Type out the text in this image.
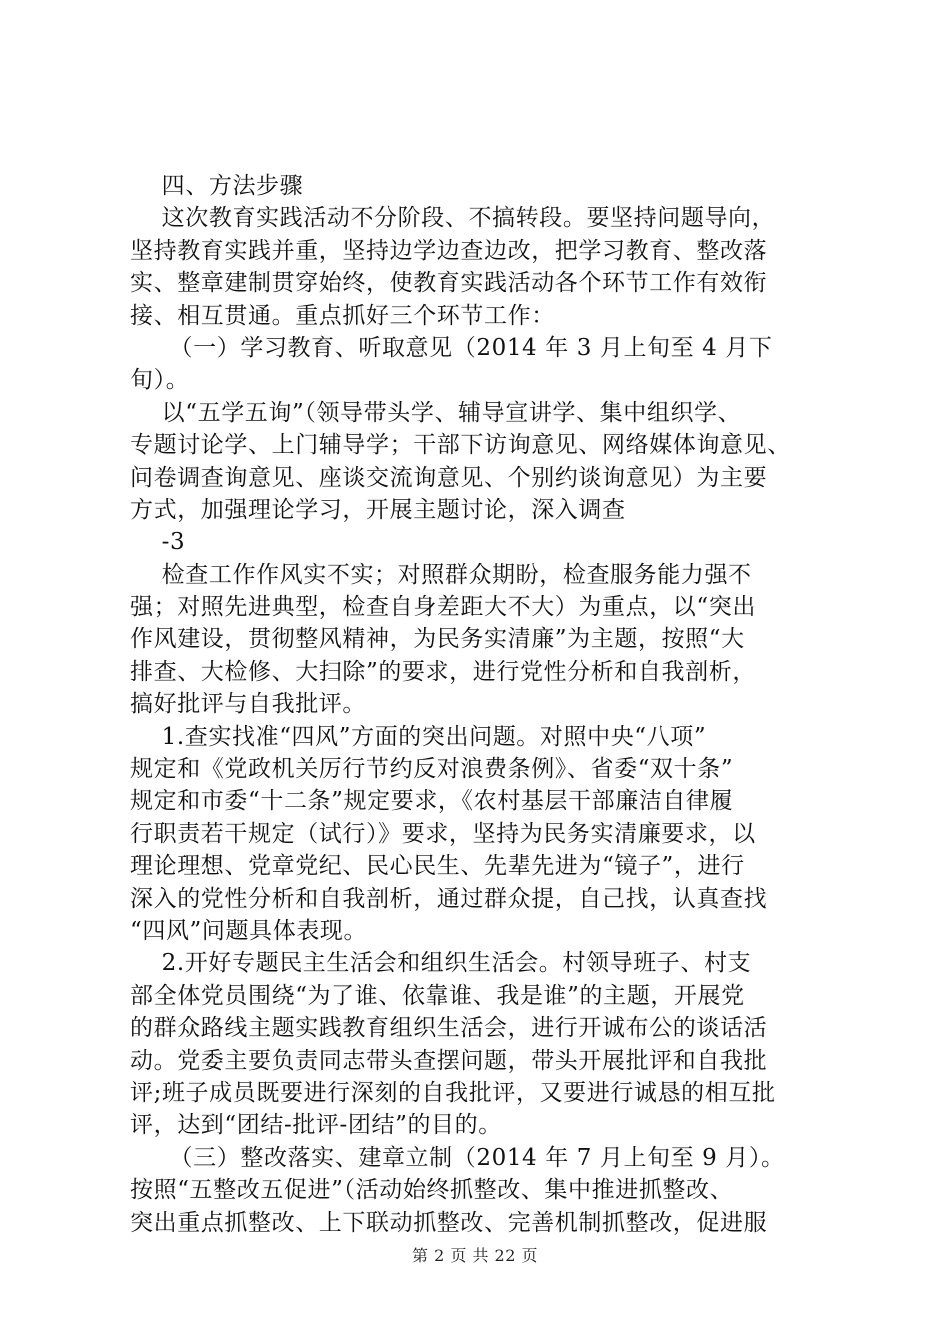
四、方法步骤
这次教育实践活动不分阶段、不搞转段。要坚持问题导向，
坚持教育实践并重，坚持边学边查边改，把学习教育、整改落
实、整章建制贯穿始终，使教育实践活动各个环节工作有效衔
接、相互贯通。重点抓好三个环节工作：
（一）学习教育、听取意见（2014 年 3 月上旬至 4 月下
旬）。
以“五学五询”（领导带头学、辅导宣讲学、集中组织学、
专题讨论学、上门辅导学；干部下访询意见、网络媒体询意见、
问卷调查询意见、座谈交流询意见、个别约谈询意见）为主要
方式，加强理论学习，开展主题讨论，深入调查
-3
检查工作作风实不实；对照群众期盼，检查服务能力强不
强；对照先进典型，检查自身差距大不大）为重点，以“突出
作风建设，贯彻整风精神，为民务实清廉”为主题，按照“大
排查、大检修、大扫除”的要求，进行党性分析和自我剖析，
搞好批评与自我批评。
1.查实找准“四风”方面的突出问题。对照中央“八项”
规定和《党政机关厉行节约反对浪费条例》、省委“双十条”
规定和市委“十二条”规定要求，《农村基层干部廉洁自律履
行职责若干规定（试行）》要求，坚持为民务实清廉要求，以
理论理想、党章党纪、民心民生、先辈先进为“镜子”，进行
深入的党性分析和自我剖析，通过群众提，自己找，认真查找
“四风”问题具体表现。
2.开好专题民主生活会和组织生活会。村领导班子、村支
部全体党员围绕“为了谁、依靠谁、我是谁”的主题，开展党
的群众路线主题实践教育组织生活会，进行开诚布公的谈话活
动。党委主要负责同志带头查摆问题，带头开展批评和自我批
评;班子成员既要进行深刻的自我批评，又要进行诚恳的相互批
评，达到“团结-批评-团结”的目的。
（三）整改落实、建章立制（2014 年 7 月上旬至 9 月）。
按照“五整改五促进”（活动始终抓整改、集中推进抓整改、
突出重点抓整改、上下联动抓整改、完善机制抓整改，促进服
第 2 页 共 22 页
